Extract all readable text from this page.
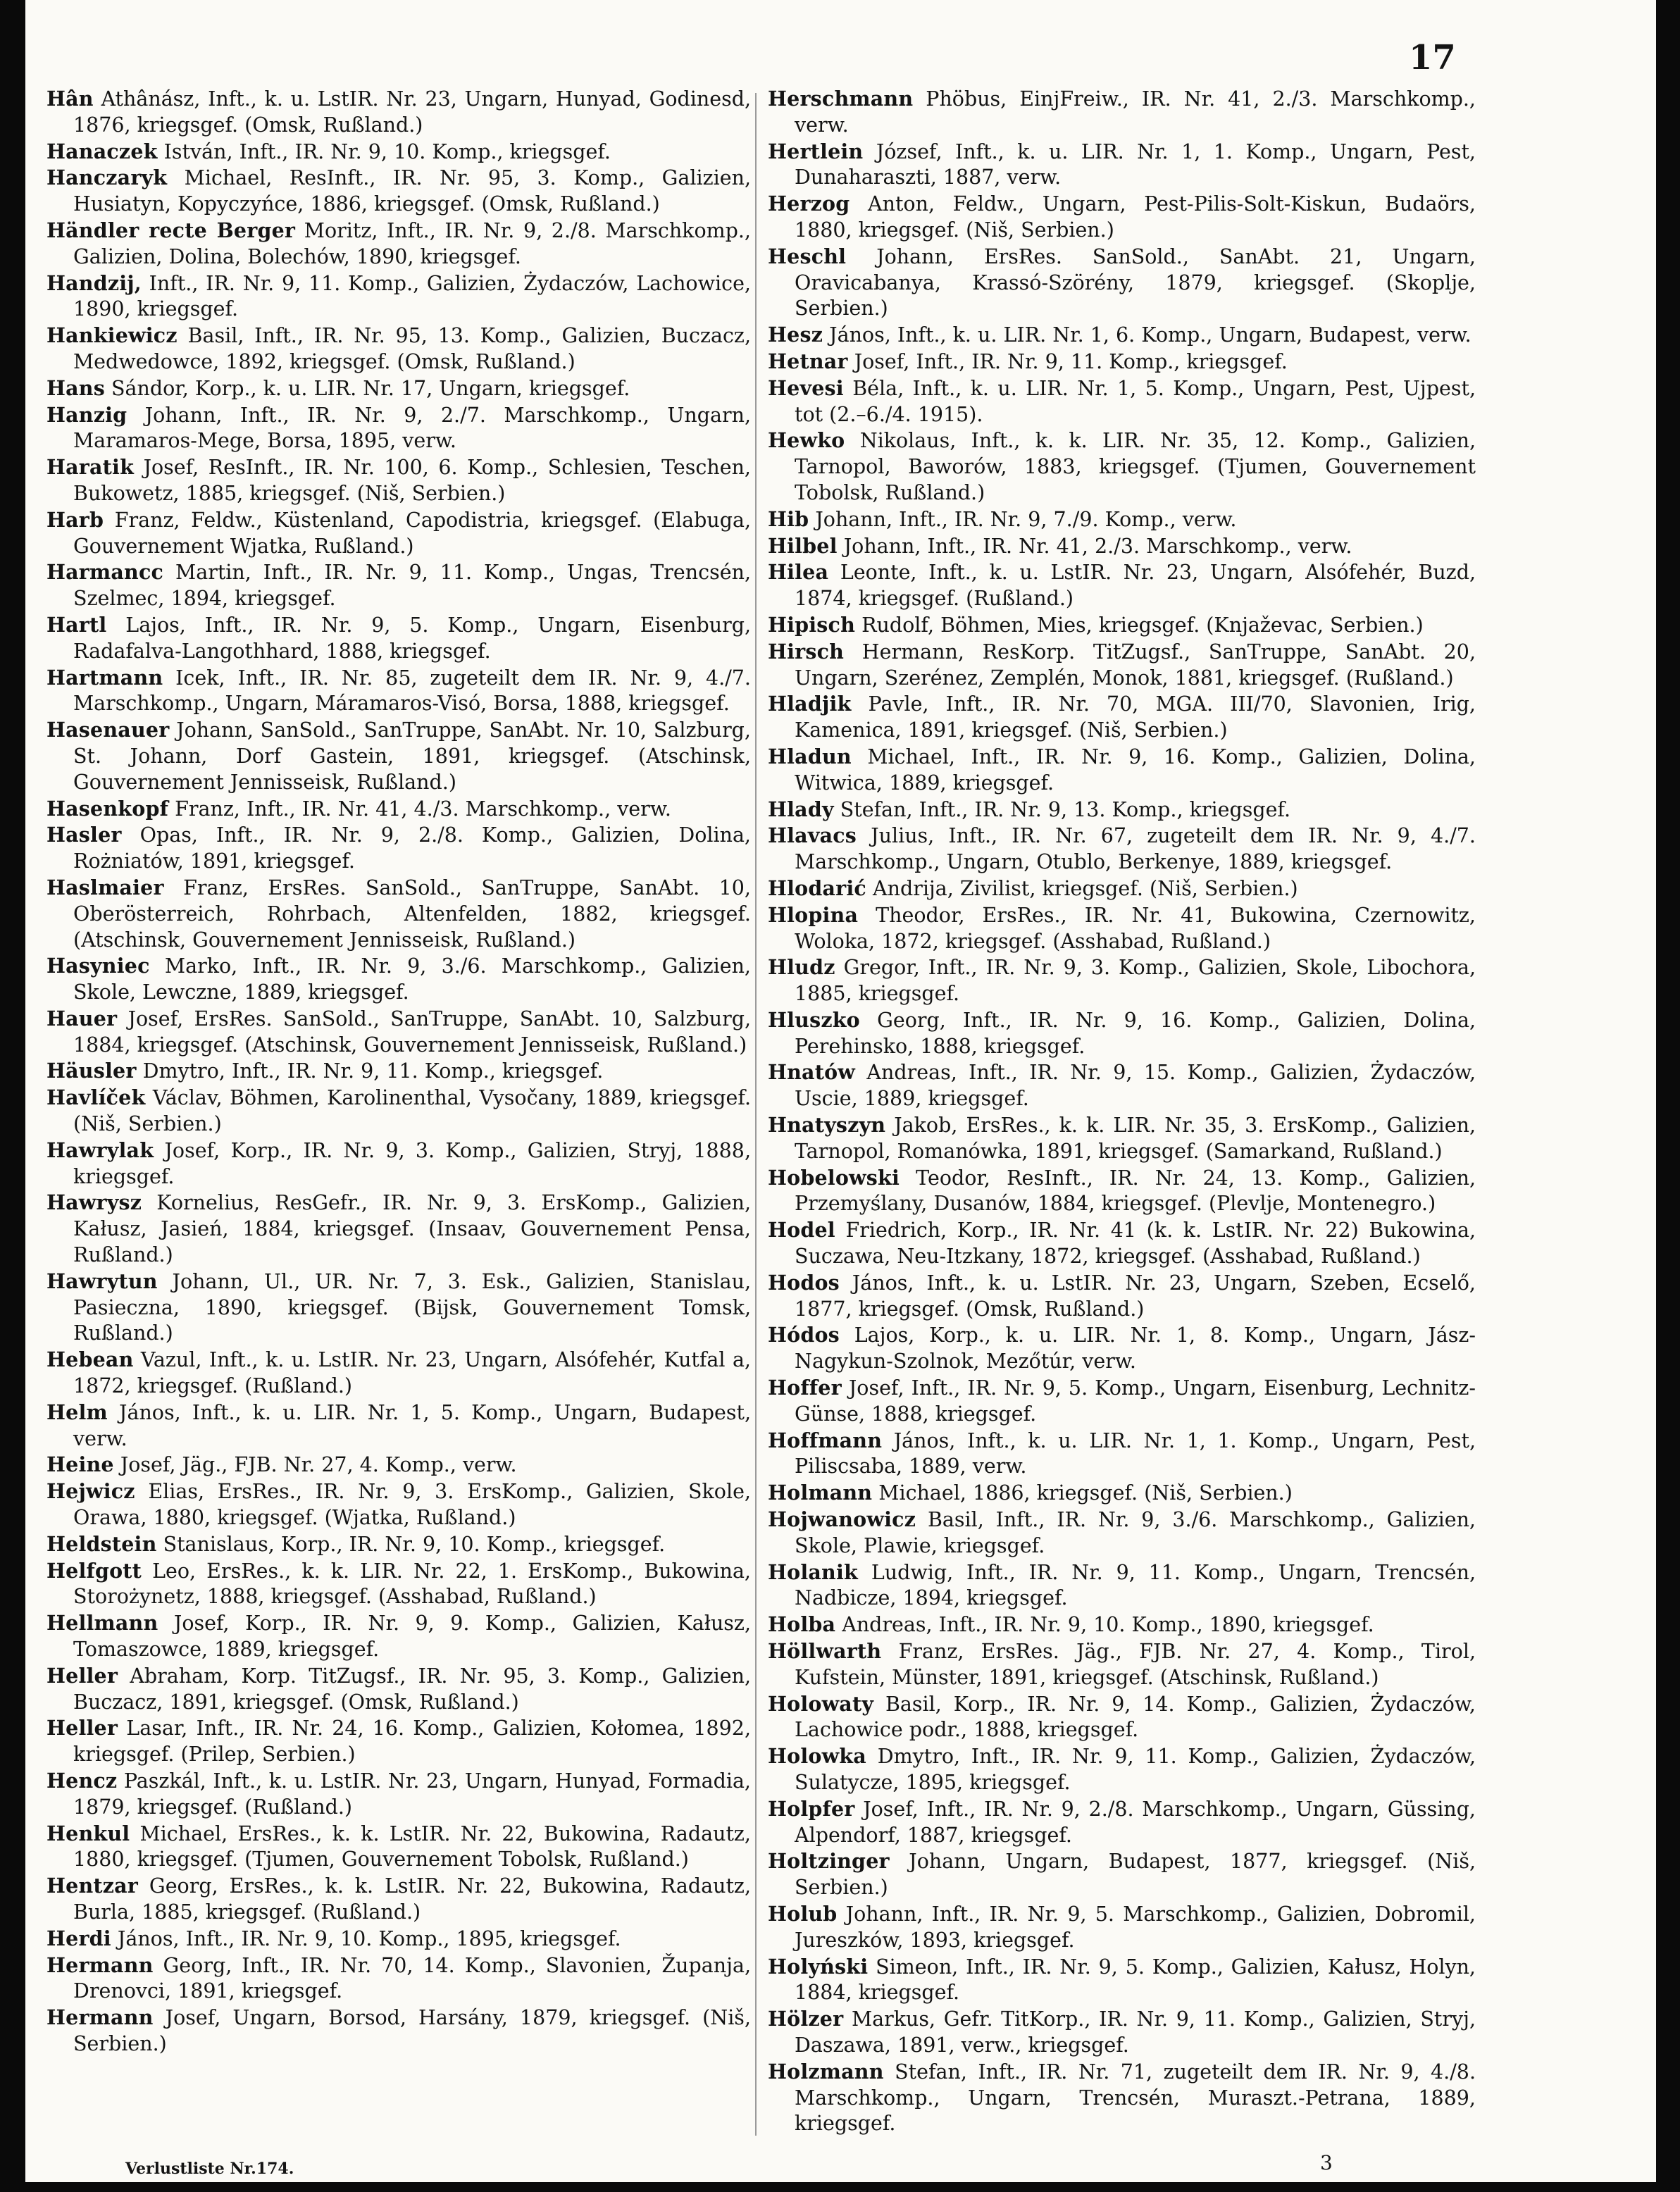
17
Hân Athânász, Inft., k. u. LstIR. Nr. 23, Ungarn, Hunyad, Godinesd, 1876, kriegsgef. (Omsk, Rußland.)
Hanaczek István, Inft., IR. Nr. 9, 10. Komp., kriegsgef.
Hanczaryk Michael, ResInft., IR. Nr. 95, 3. Komp., Galizien, Husiatyn, Kopyczyńce, 1886, kriegsgef. (Omsk, Rußland.)
Händler recte Berger Moritz, Inft., IR. Nr. 9, 2./8. Marschkomp., Galizien, Dolina, Bolechów, 1890, kriegsgef.
Handzij, Inft., IR. Nr. 9, 11. Komp., Galizien, Żydaczów, Lachowice, 1890, kriegsgef.
Hankiewicz Basil, Inft., IR. Nr. 95, 13. Komp., Galizien, Buczacz, Medwedowce, 1892, kriegsgef. (Omsk, Rußland.)
Hans Sándor, Korp., k. u. LIR. Nr. 17, Ungarn, kriegsgef.
Hanzig Johann, Inft., IR. Nr. 9, 2./7. Marschkomp., Ungarn, Maramaros-Mege, Borsa, 1895, verw.
Haratik Josef, ResInft., IR. Nr. 100, 6. Komp., Schlesien, Teschen, Bukowetz, 1885, kriegsgef. (Niš, Serbien.)
Harb Franz, Feldw., Küstenland, Capodistria, kriegsgef. (Elabuga, Gouvernement Wjatka, Rußland.)
Harmancc Martin, Inft., IR. Nr. 9, 11. Komp., Ungas, Trencsén, Szelmec, 1894, kriegsgef.
Hartl Lajos, Inft., IR. Nr. 9, 5. Komp., Ungarn, Eisenburg, Radafalva-Langothhard, 1888, kriegsgef.
Hartmann Icek, Inft., IR. Nr. 85, zugeteilt dem IR. Nr. 9, 4./7. Marschkomp., Ungarn, Máramaros-Visó, Borsa, 1888, kriegsgef.
Hasenauer Johann, SanSold., SanTruppe, SanAbt. Nr. 10, Salzburg, St. Johann, Dorf Gastein, 1891, kriegsgef. (Atschinsk, Gouvernement Jennisseisk, Rußland.)
Hasenkopf Franz, Inft., IR. Nr. 41, 4./3. Marschkomp., verw.
Hasler Opas, Inft., IR. Nr. 9, 2./8. Komp., Galizien, Dolina, Rożniatów, 1891, kriegsgef.
Haslmaier Franz, ErsRes. SanSold., SanTruppe, SanAbt. 10, Oberösterreich, Rohrbach, Altenfelden, 1882, kriegsgef. (Atschinsk, Gouvernement Jennisseisk, Rußland.)
Hasyniec Marko, Inft., IR. Nr. 9, 3./6. Marschkomp., Galizien, Skole, Lewczne, 1889, kriegsgef.
Hauer Josef, ErsRes. SanSold., SanTruppe, SanAbt. 10, Salzburg, 1884, kriegsgef. (Atschinsk, Gouvernement Jennisseisk, Rußland.)
Häusler Dmytro, Inft., IR. Nr. 9, 11. Komp., kriegsgef.
Havlíček Václav, Böhmen, Karolinenthal, Vysočany, 1889, kriegsgef. (Niš, Serbien.)
Hawrylak Josef, Korp., IR. Nr. 9, 3. Komp., Galizien, Stryj, 1888, kriegsgef.
Hawrysz Kornelius, ResGefr., IR. Nr. 9, 3. ErsKomp., Galizien, Kałusz, Jasień, 1884, kriegsgef. (Insaav, Gouvernement Pensa, Rußland.)
Hawrytun Johann, Ul., UR. Nr. 7, 3. Esk., Galizien, Stanislau, Pasieczna, 1890, kriegsgef. (Bijsk, Gouvernement Tomsk, Rußland.)
Hebean Vazul, Inft., k. u. LstIR. Nr. 23, Ungarn, Alsófehér, Kutfal a, 1872, kriegsgef. (Rußland.)
Helm János, Inft., k. u. LIR. Nr. 1, 5. Komp., Ungarn, Budapest, verw.
Heine Josef, Jäg., FJB. Nr. 27, 4. Komp., verw.
Hejwicz Elias, ErsRes., IR. Nr. 9, 3. ErsKomp., Galizien, Skole, Orawa, 1880, kriegsgef. (Wjatka, Rußland.)
Heldstein Stanislaus, Korp., IR. Nr. 9, 10. Komp., kriegsgef.
Helfgott Leo, ErsRes., k. k. LIR. Nr. 22, 1. ErsKomp., Bukowina, Storożynetz, 1888, kriegsgef. (Asshabad, Rußland.)
Hellmann Josef, Korp., IR. Nr. 9, 9. Komp., Galizien, Kałusz, Tomaszowce, 1889, kriegsgef.
Heller Abraham, Korp. TitZugsf., IR. Nr. 95, 3. Komp., Galizien, Buczacz, 1891, kriegsgef. (Omsk, Rußland.)
Heller Lasar, Inft., IR. Nr. 24, 16. Komp., Galizien, Kołomea, 1892, kriegsgef. (Prilep, Serbien.)
Hencz Paszkál, Inft., k. u. LstIR. Nr. 23, Ungarn, Hunyad, Formadia, 1879, kriegsgef. (Rußland.)
Henkul Michael, ErsRes., k. k. LstIR. Nr. 22, Bukowina, Radautz, 1880, kriegsgef. (Tjumen, Gouvernement Tobolsk, Rußland.)
Hentzar Georg, ErsRes., k. k. LstIR. Nr. 22, Bukowina, Radautz, Burla, 1885, kriegsgef. (Rußland.)
Herdi János, Inft., IR. Nr. 9, 10. Komp., 1895, kriegsgef.
Hermann Georg, Inft., IR. Nr. 70, 14. Komp., Slavonien, Županja, Drenovci, 1891, kriegsgef.
Hermann Josef, Ungarn, Borsod, Harsány, 1879, kriegsgef. (Niš, Serbien.)
Herschmann Phöbus, EinjFreiw., IR. Nr. 41, 2./3. Marschkomp., verw.
Hertlein József, Inft., k. u. LIR. Nr. 1, 1. Komp., Ungarn, Pest, Dunaharaszti, 1887, verw.
Herzog Anton, Feldw., Ungarn, Pest-Pilis-Solt-Kiskun, Budaörs, 1880, kriegsgef. (Niš, Serbien.)
Heschl Johann, ErsRes. SanSold., SanAbt. 21, Ungarn, Oravicabanya, Krassó-Szörény, 1879, kriegsgef. (Skoplje, Serbien.)
Hesz János, Inft., k. u. LIR. Nr. 1, 6. Komp., Ungarn, Budapest, verw.
Hetnar Josef, Inft., IR. Nr. 9, 11. Komp., kriegsgef.
Hevesi Béla, Inft., k. u. LIR. Nr. 1, 5. Komp., Ungarn, Pest, Ujpest, tot (2.–6./4. 1915).
Hewko Nikolaus, Inft., k. k. LIR. Nr. 35, 12. Komp., Galizien, Tarnopol, Baworów, 1883, kriegsgef. (Tjumen, Gouvernement Tobolsk, Rußland.)
Hib Johann, Inft., IR. Nr. 9, 7./9. Komp., verw.
Hilbel Johann, Inft., IR. Nr. 41, 2./3. Marschkomp., verw.
Hilea Leonte, Inft., k. u. LstIR. Nr. 23, Ungarn, Alsófehér, Buzd, 1874, kriegsgef. (Rußland.)
Hipisch Rudolf, Böhmen, Mies, kriegsgef. (Knjaževac, Serbien.)
Hirsch Hermann, ResKorp. TitZugsf., SanTruppe, SanAbt. 20, Ungarn, Szerénez, Zemplén, Monok, 1881, kriegsgef. (Rußland.)
Hladjik Pavle, Inft., IR. Nr. 70, MGA. III/70, Slavonien, Irig, Kamenica, 1891, kriegsgef. (Niš, Serbien.)
Hladun Michael, Inft., IR. Nr. 9, 16. Komp., Galizien, Dolina, Witwica, 1889, kriegsgef.
Hlady Stefan, Inft., IR. Nr. 9, 13. Komp., kriegsgef.
Hlavacs Julius, Inft., IR. Nr. 67, zugeteilt dem IR. Nr. 9, 4./7. Marschkomp., Ungarn, Otublo, Berkenye, 1889, kriegsgef.
Hlodarić Andrija, Zivilist, kriegsgef. (Niš, Serbien.)
Hlopina Theodor, ErsRes., IR. Nr. 41, Bukowina, Czernowitz, Woloka, 1872, kriegsgef. (Asshabad, Rußland.)
Hludz Gregor, Inft., IR. Nr. 9, 3. Komp., Galizien, Skole, Libochora, 1885, kriegsgef.
Hluszko Georg, Inft., IR. Nr. 9, 16. Komp., Galizien, Dolina, Perehinsko, 1888, kriegsgef.
Hnatów Andreas, Inft., IR. Nr. 9, 15. Komp., Galizien, Żydaczów, Uscie, 1889, kriegsgef.
Hnatyszyn Jakob, ErsRes., k. k. LIR. Nr. 35, 3. ErsKomp., Galizien, Tarnopol, Romanówka, 1891, kriegsgef. (Samarkand, Rußland.)
Hobelowski Teodor, ResInft., IR. Nr. 24, 13. Komp., Galizien, Przemyślany, Dusanów, 1884, kriegsgef. (Plevlje, Montenegro.)
Hodel Friedrich, Korp., IR. Nr. 41 (k. k. LstIR. Nr. 22) Bukowina, Suczawa, Neu-Itzkany, 1872, kriegsgef. (Asshabad, Rußland.)
Hodos János, Inft., k. u. LstIR. Nr. 23, Ungarn, Szeben, Ecselő, 1877, kriegsgef. (Omsk, Rußland.)
Hódos Lajos, Korp., k. u. LIR. Nr. 1, 8. Komp., Ungarn, Jász-Nagykun-Szolnok, Mezőtúr, verw.
Hoffer Josef, Inft., IR. Nr. 9, 5. Komp., Ungarn, Eisenburg, Lechnitz-Günse, 1888, kriegsgef.
Hoffmann János, Inft., k. u. LIR. Nr. 1, 1. Komp., Ungarn, Pest, Piliscsaba, 1889, verw.
Holmann Michael, 1886, kriegsgef. (Niš, Serbien.)
Hojwanowicz Basil, Inft., IR. Nr. 9, 3./6. Marschkomp., Galizien, Skole, Plawie, kriegsgef.
Holanik Ludwig, Inft., IR. Nr. 9, 11. Komp., Ungarn, Trencsén, Nadbicze, 1894, kriegsgef.
Holba Andreas, Inft., IR. Nr. 9, 10. Komp., 1890, kriegsgef.
Höllwarth Franz, ErsRes. Jäg., FJB. Nr. 27, 4. Komp., Tirol, Kufstein, Münster, 1891, kriegsgef. (Atschinsk, Rußland.)
Holowaty Basil, Korp., IR. Nr. 9, 14. Komp., Galizien, Żydaczów, Lachowice podr., 1888, kriegsgef.
Holowka Dmytro, Inft., IR. Nr. 9, 11. Komp., Galizien, Żydaczów, Sulatycze, 1895, kriegsgef.
Holpfer Josef, Inft., IR. Nr. 9, 2./8. Marschkomp., Ungarn, Güssing, Alpendorf, 1887, kriegsgef.
Holtzinger Johann, Ungarn, Budapest, 1877, kriegsgef. (Niš, Serbien.)
Holub Johann, Inft., IR. Nr. 9, 5. Marschkomp., Galizien, Dobromil, Jureszków, 1893, kriegsgef.
Holyński Simeon, Inft., IR. Nr. 9, 5. Komp., Galizien, Kałusz, Holyn, 1884, kriegsgef.
Hölzer Markus, Gefr. TitKorp., IR. Nr. 9, 11. Komp., Galizien, Stryj, Daszawa, 1891, verw., kriegsgef.
Holzmann Stefan, Inft., IR. Nr. 71, zugeteilt dem IR. Nr. 9, 4./8. Marschkomp., Ungarn, Trencsén, Muraszt.-Petrana, 1889, kriegsgef.
Verlustliste Nr.174.	3
